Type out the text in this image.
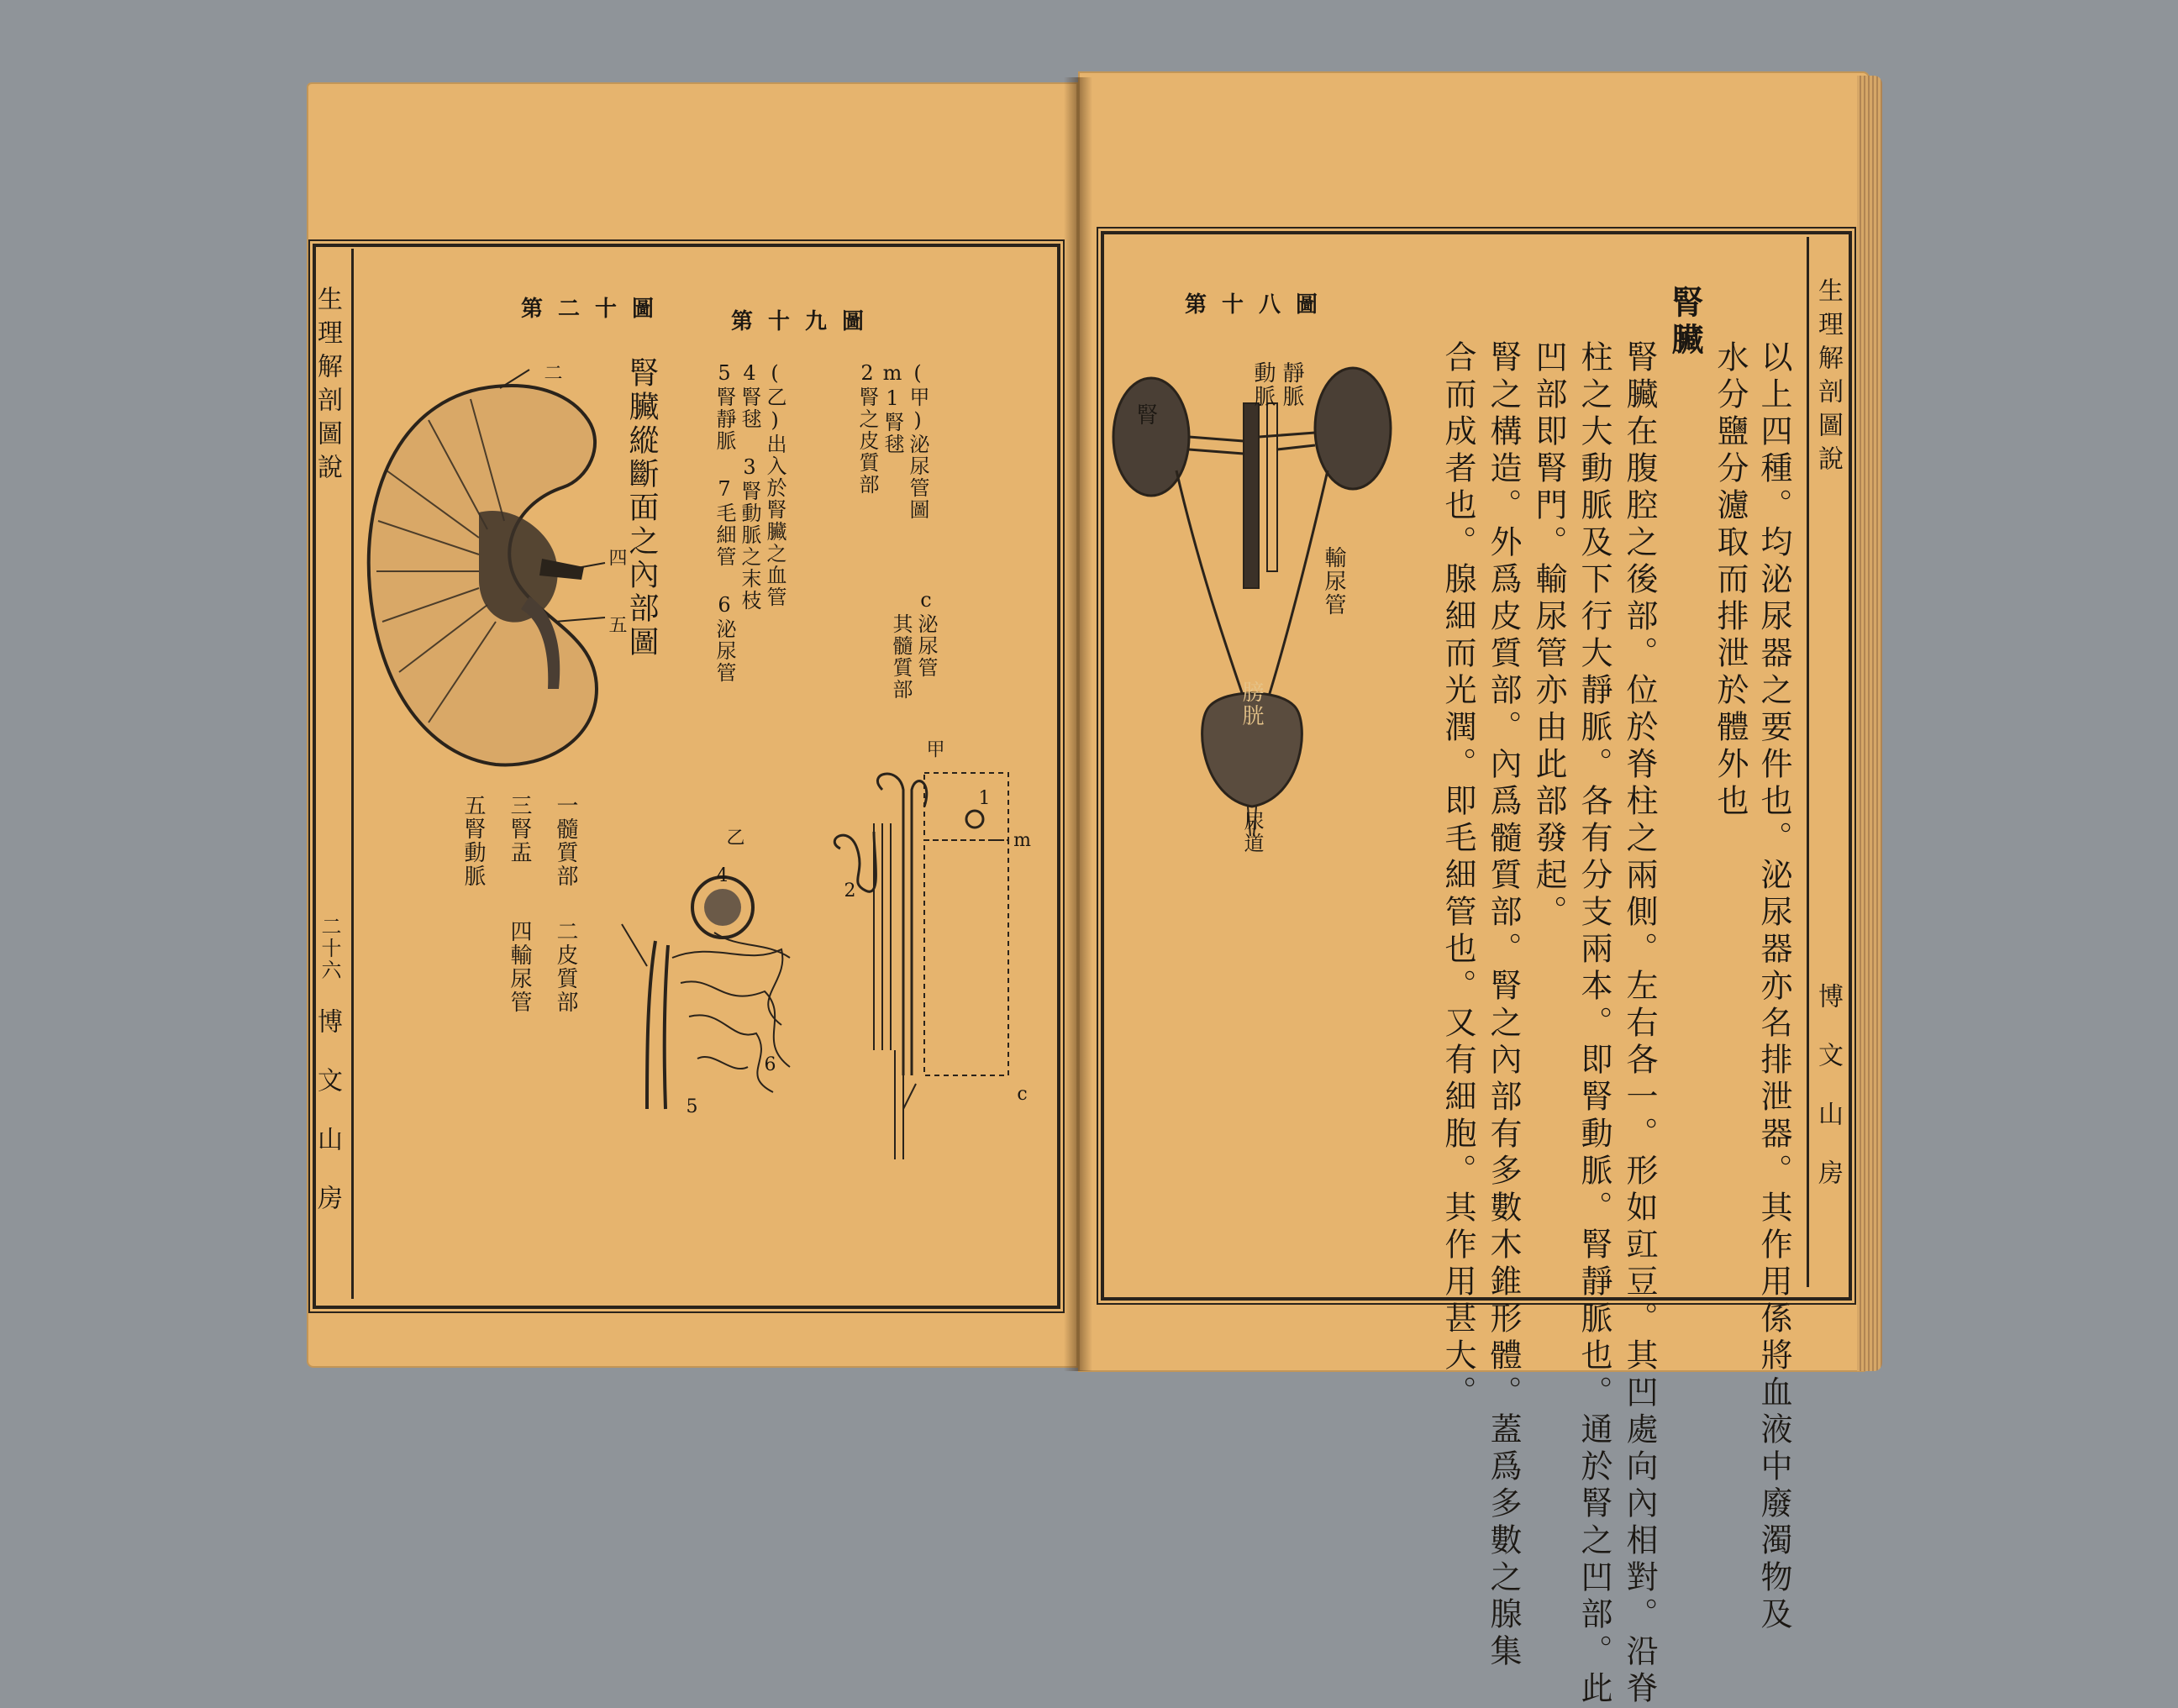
生理解剖圖說
二十六
博文山房
第二十圖
腎臟縱斷面之內部圖
二
四
五
一髓質部
二皮質部
三腎盂
四輸尿管
五腎動脈
第十九圖
(甲)泌尿管圖
m1腎毬
2腎之皮質部
c泌尿管
其髓質部
(乙)出入於腎臟之血管
4腎毬 3腎動脈之末枝
5腎靜脈 7毛細管 6泌尿管
甲
1
m
2
c
乙
4
5
6
生理解剖圖說
博文山房
第十八圖
腎
靜脈
動脈
輸尿管
膀胱
尿道	以上四種。均泌尿器之要件也。泌尿器亦名排泄器。其作用係將血液中廢濁物及
水分鹽分濾取而排泄於體外也
腎臟
腎臟在腹腔之後部。位於脊柱之兩側。左右各一。形如豇豆。其凹處向內相對。沿脊
柱之大動脈及下行大靜脈。各有分支兩本。即腎動脈。腎靜脈也。通於腎之凹部。此
凹部即腎門。輸尿管亦由此部發起。
腎之構造。外爲皮質部。內爲髓質部。腎之內部有多數木錐形體。蓋爲多數之腺集
合而成者也。腺細而光潤。即毛細管也。又有細胞。其作用甚大。
